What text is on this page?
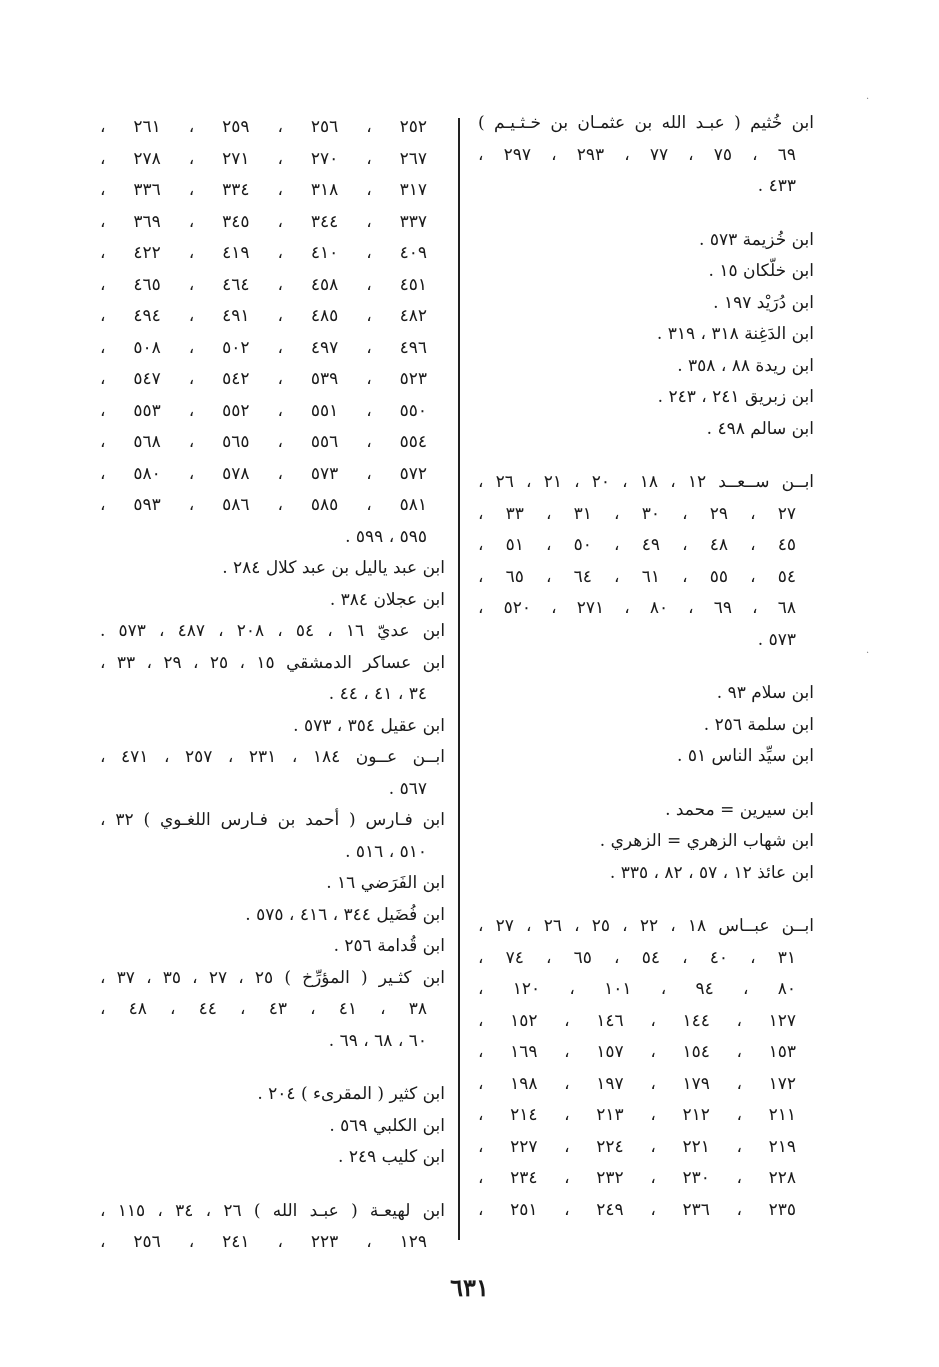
ابن خُثيم ( عبـد الله بن عثمـان بن خـثـيـم )
٦٩ ، ٧٥ ، ٧٧ ، ٢٩٣ ، ٢٩٧ ،
٤٣٣ .
ابن خُزيمة ٥٧٣ .
ابن خلّكان ١٥ .
ابن دُرَيْد ١٩٧ .
ابن الدَغِنة ٣١٨ ، ٣١٩ .
ابن ريدة ٨٨ ، ٣٥٨ .
ابن زبريق ٢٤١ ، ٢٤٣ .
ابن سالم ٤٩٨ .
ابــن ســعــد ١٢ ، ١٨ ، ٢٠ ، ٢١ ، ٢٦ ،
٢٧ ، ٢٩ ، ٣٠ ، ٣١ ، ٣٣ ،
٤٥ ، ٤٨ ، ٤٩ ، ٥٠ ، ٥١ ،
٥٤ ، ٥٥ ، ٦١ ، ٦٤ ، ٦٥ ،
٦٨ ، ٦٩ ، ٨٠ ، ٢٧١ ، ٥٢٠ ،
٥٧٣ .
ابن سلام ٩٣ .
ابن سلمة ٢٥٦ .
ابن سيِّد الناس ٥١ .
ابن سيرين = محمد .
ابن شهاب الزهري = الزهري .
ابن عائذ ١٢ ، ٥٧ ، ٨٢ ، ٣٣٥ .
ابــن عبــاس ١٨ ، ٢٢ ، ٢٥ ، ٢٦ ، ٢٧ ،
٣١ ، ٤٠ ، ٥٤ ، ٦٥ ، ٧٤ ،
٨٠ ، ٩٤ ، ١٠١ ، ١٢٠ ،
١٢٧ ، ١٤٤ ، ١٤٦ ، ١٥٢ ،
١٥٣ ، ١٥٤ ، ١٥٧ ، ١٦٩ ،
١٧٢ ، ١٧٩ ، ١٩٧ ، ١٩٨ ،
٢١١ ، ٢١٢ ، ٢١٣ ، ٢١٤ ،
٢١٩ ، ٢٢١ ، ٢٢٤ ، ٢٢٧ ،
٢٢٨ ، ٢٣٠ ، ٢٣٢ ، ٢٣٤ ،
٢٣٥ ، ٢٣٦ ، ٢٤٩ ، ٢٥١ ،
٢٥٢ ، ٢٥٦ ، ٢٥٩ ، ٢٦١ ،
٢٦٧ ، ٢٧٠ ، ٢٧١ ، ٢٧٨ ،
٣١٧ ، ٣١٨ ، ٣٣٤ ، ٣٣٦ ،
٣٣٧ ، ٣٤٤ ، ٣٤٥ ، ٣٦٩ ،
٤٠٩ ، ٤١٠ ، ٤١٩ ، ٤٢٢ ،
٤٥١ ، ٤٥٨ ، ٤٦٤ ، ٤٦٥ ،
٤٨٢ ، ٤٨٥ ، ٤٩١ ، ٤٩٤ ،
٤٩٦ ، ٤٩٧ ، ٥٠٢ ، ٥٠٨ ،
٥٢٣ ، ٥٣٩ ، ٥٤٢ ، ٥٤٧ ،
٥٥٠ ، ٥٥١ ، ٥٥٢ ، ٥٥٣ ،
٥٥٤ ، ٥٥٦ ، ٥٦٥ ، ٥٦٨ ،
٥٧٢ ، ٥٧٣ ، ٥٧٨ ، ٥٨٠ ،
٥٨١ ، ٥٨٥ ، ٥٨٦ ، ٥٩٣ ،
٥٩٥ ، ٥٩٩ .
ابن عبد ياليل بن عبد كلال ٢٨٤ .
ابن عجلان ٣٨٤ .
ابن عديّ ١٦ ، ٥٤ ، ٢٠٨ ، ٤٨٧ ، ٥٧٣ .
ابن عساكر الدمشقي ١٥ ، ٢٥ ، ٢٩ ، ٣٣ ،
٣٤ ، ٤١ ، ٤٤ .
ابن عقيل ٣٥٤ ، ٥٧٣ .
ابــن عــون ١٨٤ ، ٢٣١ ، ٢٥٧ ، ٤٧١ ،
٥٦٧ .
ابن فـارس ( أحمد بن فـارس اللغـوي ) ٣٢ ،
٥١٠ ، ٥١٦ .
ابن الفَرَضي ١٦ .
ابن فُضَيل ٣٤٤ ، ٤١٦ ، ٥٧٥ .
ابن قُدامة ٢٥٦ .
ابن كثـير ( المؤرِّخ ) ٢٥ ، ٢٧ ، ٣٥ ، ٣٧ ،
٣٨ ، ٤١ ، ٤٣ ، ٤٤ ، ٤٨ ،
٦٠ ، ٦٨ ، ٦٩ .
ابن كثير ( المقرىء ) ٢٠٤ .
ابن الكلبي ٥٦٩ .
ابن كليب ٢٤٩ .
ابن لهيعـة ( عبـد الله ) ٢٦ ، ٣٤ ، ١١٥ ،
١٢٩ ، ٢٢٣ ، ٢٤١ ، ٢٥٦ ،
·
·
٦٣١
